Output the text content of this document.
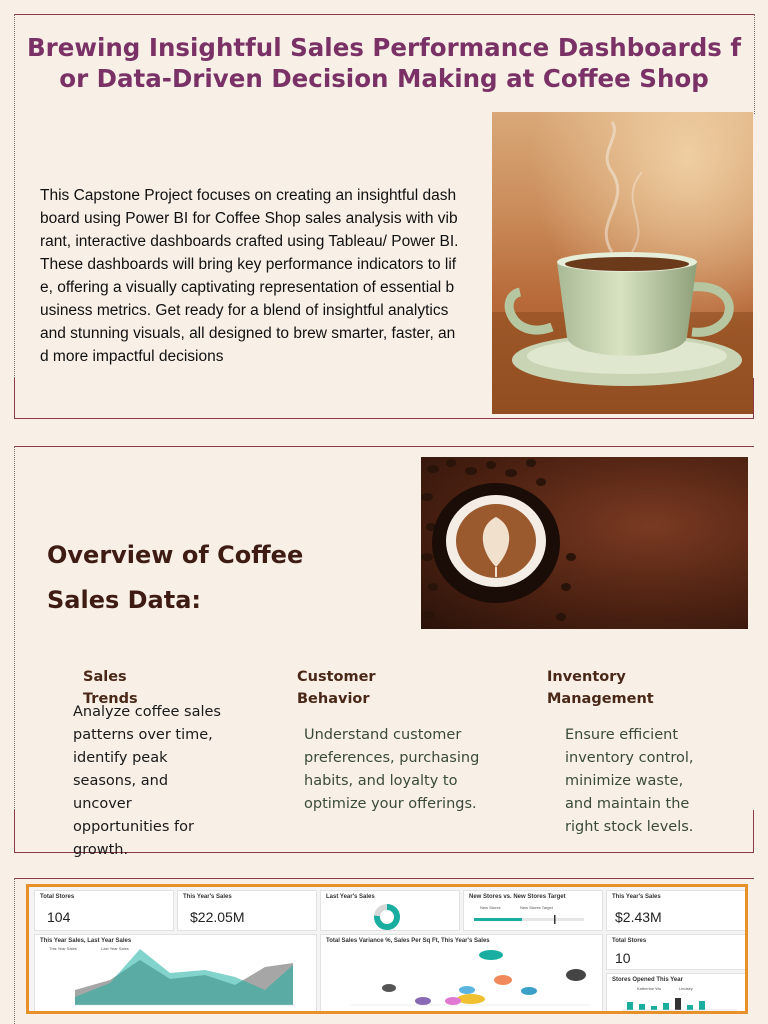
Brewing Insightful Sales Performance Dashboards for Data-Driven Decision Making at Coffee Shop
This Capstone Project focuses on creating an insightful dashboard using Power BI for Coffee Shop sales analysis with vibrant, interactive dashboards crafted using Tableau/ Power BI. These dashboards will bring key performance indicators to life, offering a visually captivating representation of essential business metrics. Get ready for a blend of insightful analytics and stunning visuals, all designed to brew smarter, faster, and more impactful decisions
Overview of Coffee Sales Data:
Sales Trends
Analyze coffee sales patterns over time, identify peak seasons, and uncover opportunities for growth.
Customer Behavior
Understand customer preferences, purchasing habits, and loyalty to optimize your offerings.
Inventory Management
Ensure efficient inventory control, minimize waste, and maintain the right stock levels.
Total Stores
104
This Year's Sales
$22.05M
Last Year's Sales	New Stores vs. New Stores Target
New Stores	New Stores Target
This Year's Sales
$2.43M
This Year Sales, Last Year Sales
This Year Sales	Last Year Sales
Total Sales Variance %, Sales Per Sq Ft, This Year's Sales	Total Stores
10
Stores Opened This Year
Katherine Wu	Lindsey
